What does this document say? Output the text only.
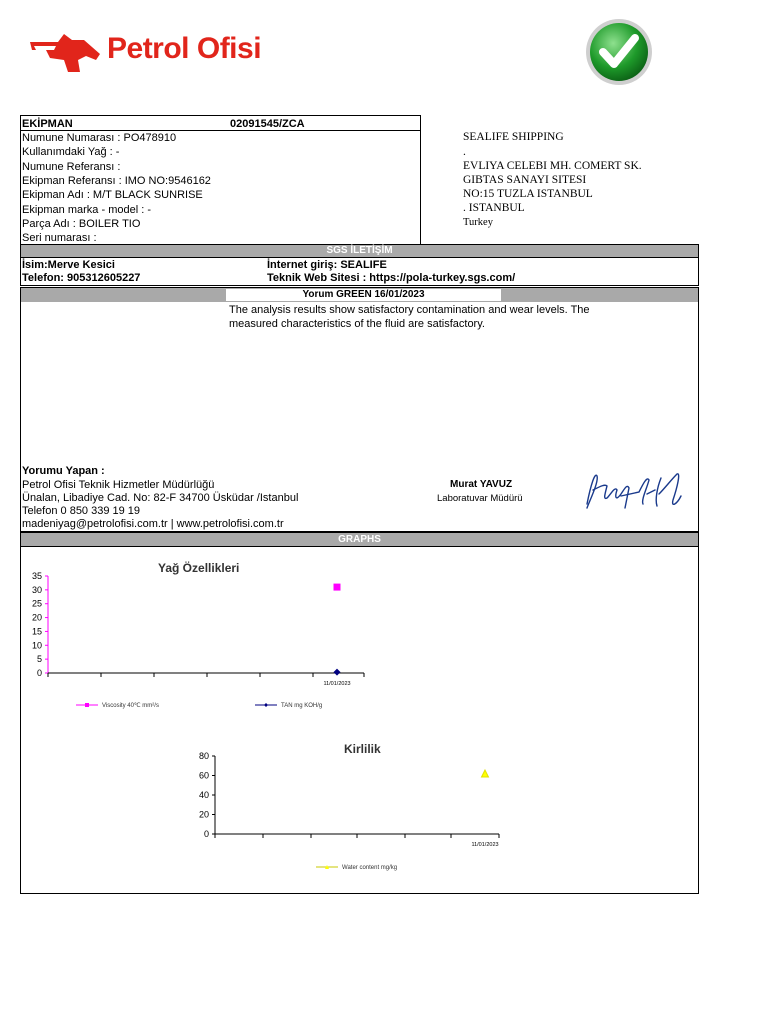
Petrol Ofisi
EKİPMAN	02091545/ZCA
Numune Numarası : PO478910
Kullanımdaki Yağ : -
Numune Referansı :
Ekipman Referansı : IMO NO:9546162
Ekipman Adı : M/T BLACK SUNRISE
Ekipman marka - model : -
Parça Adı : BOILER TIO
Seri numarası :
SEALIFE SHIPPING
.
EVLIYA CELEBI MH. COMERT SK.
GIBTAS SANAYI SITESI
NO:15 TUZLA ISTANBUL
. ISTANBUL
Turkey
SGS İLETİŞİM
İsim:Merve Kesici
Telefon: 905312605227
İnternet giriş: SEALIFE
Teknik Web Sitesi : https://pola-turkey.sgs.com/
Yorum GREEN 16/01/2023
The analysis results show satisfactory contamination and wear levels. The
measured characteristics of the fluid are satisfactory.
Yorumu Yapan :
Petrol Ofisi Teknik Hizmetler Müdürlüğü
Ünalan, Libadiye Cad. No: 82-F 34700 Üsküdar /Istanbul
Telefon 0 850 339 19 19
madeniyag@petrolofisi.com.tr | www.petrolofisi.com.tr
Murat YAVUZ
Laboratuvar Müdürü
GRAPHS
Yağ Özellikleri
0
5
10
15
20
25
30
35
11/01/2023
Viscosity 40℃ mm²/s	TAN mg KOH/g
Kirlilik
0
20
40
60
80
11/01/2023
Water content mg/kg
